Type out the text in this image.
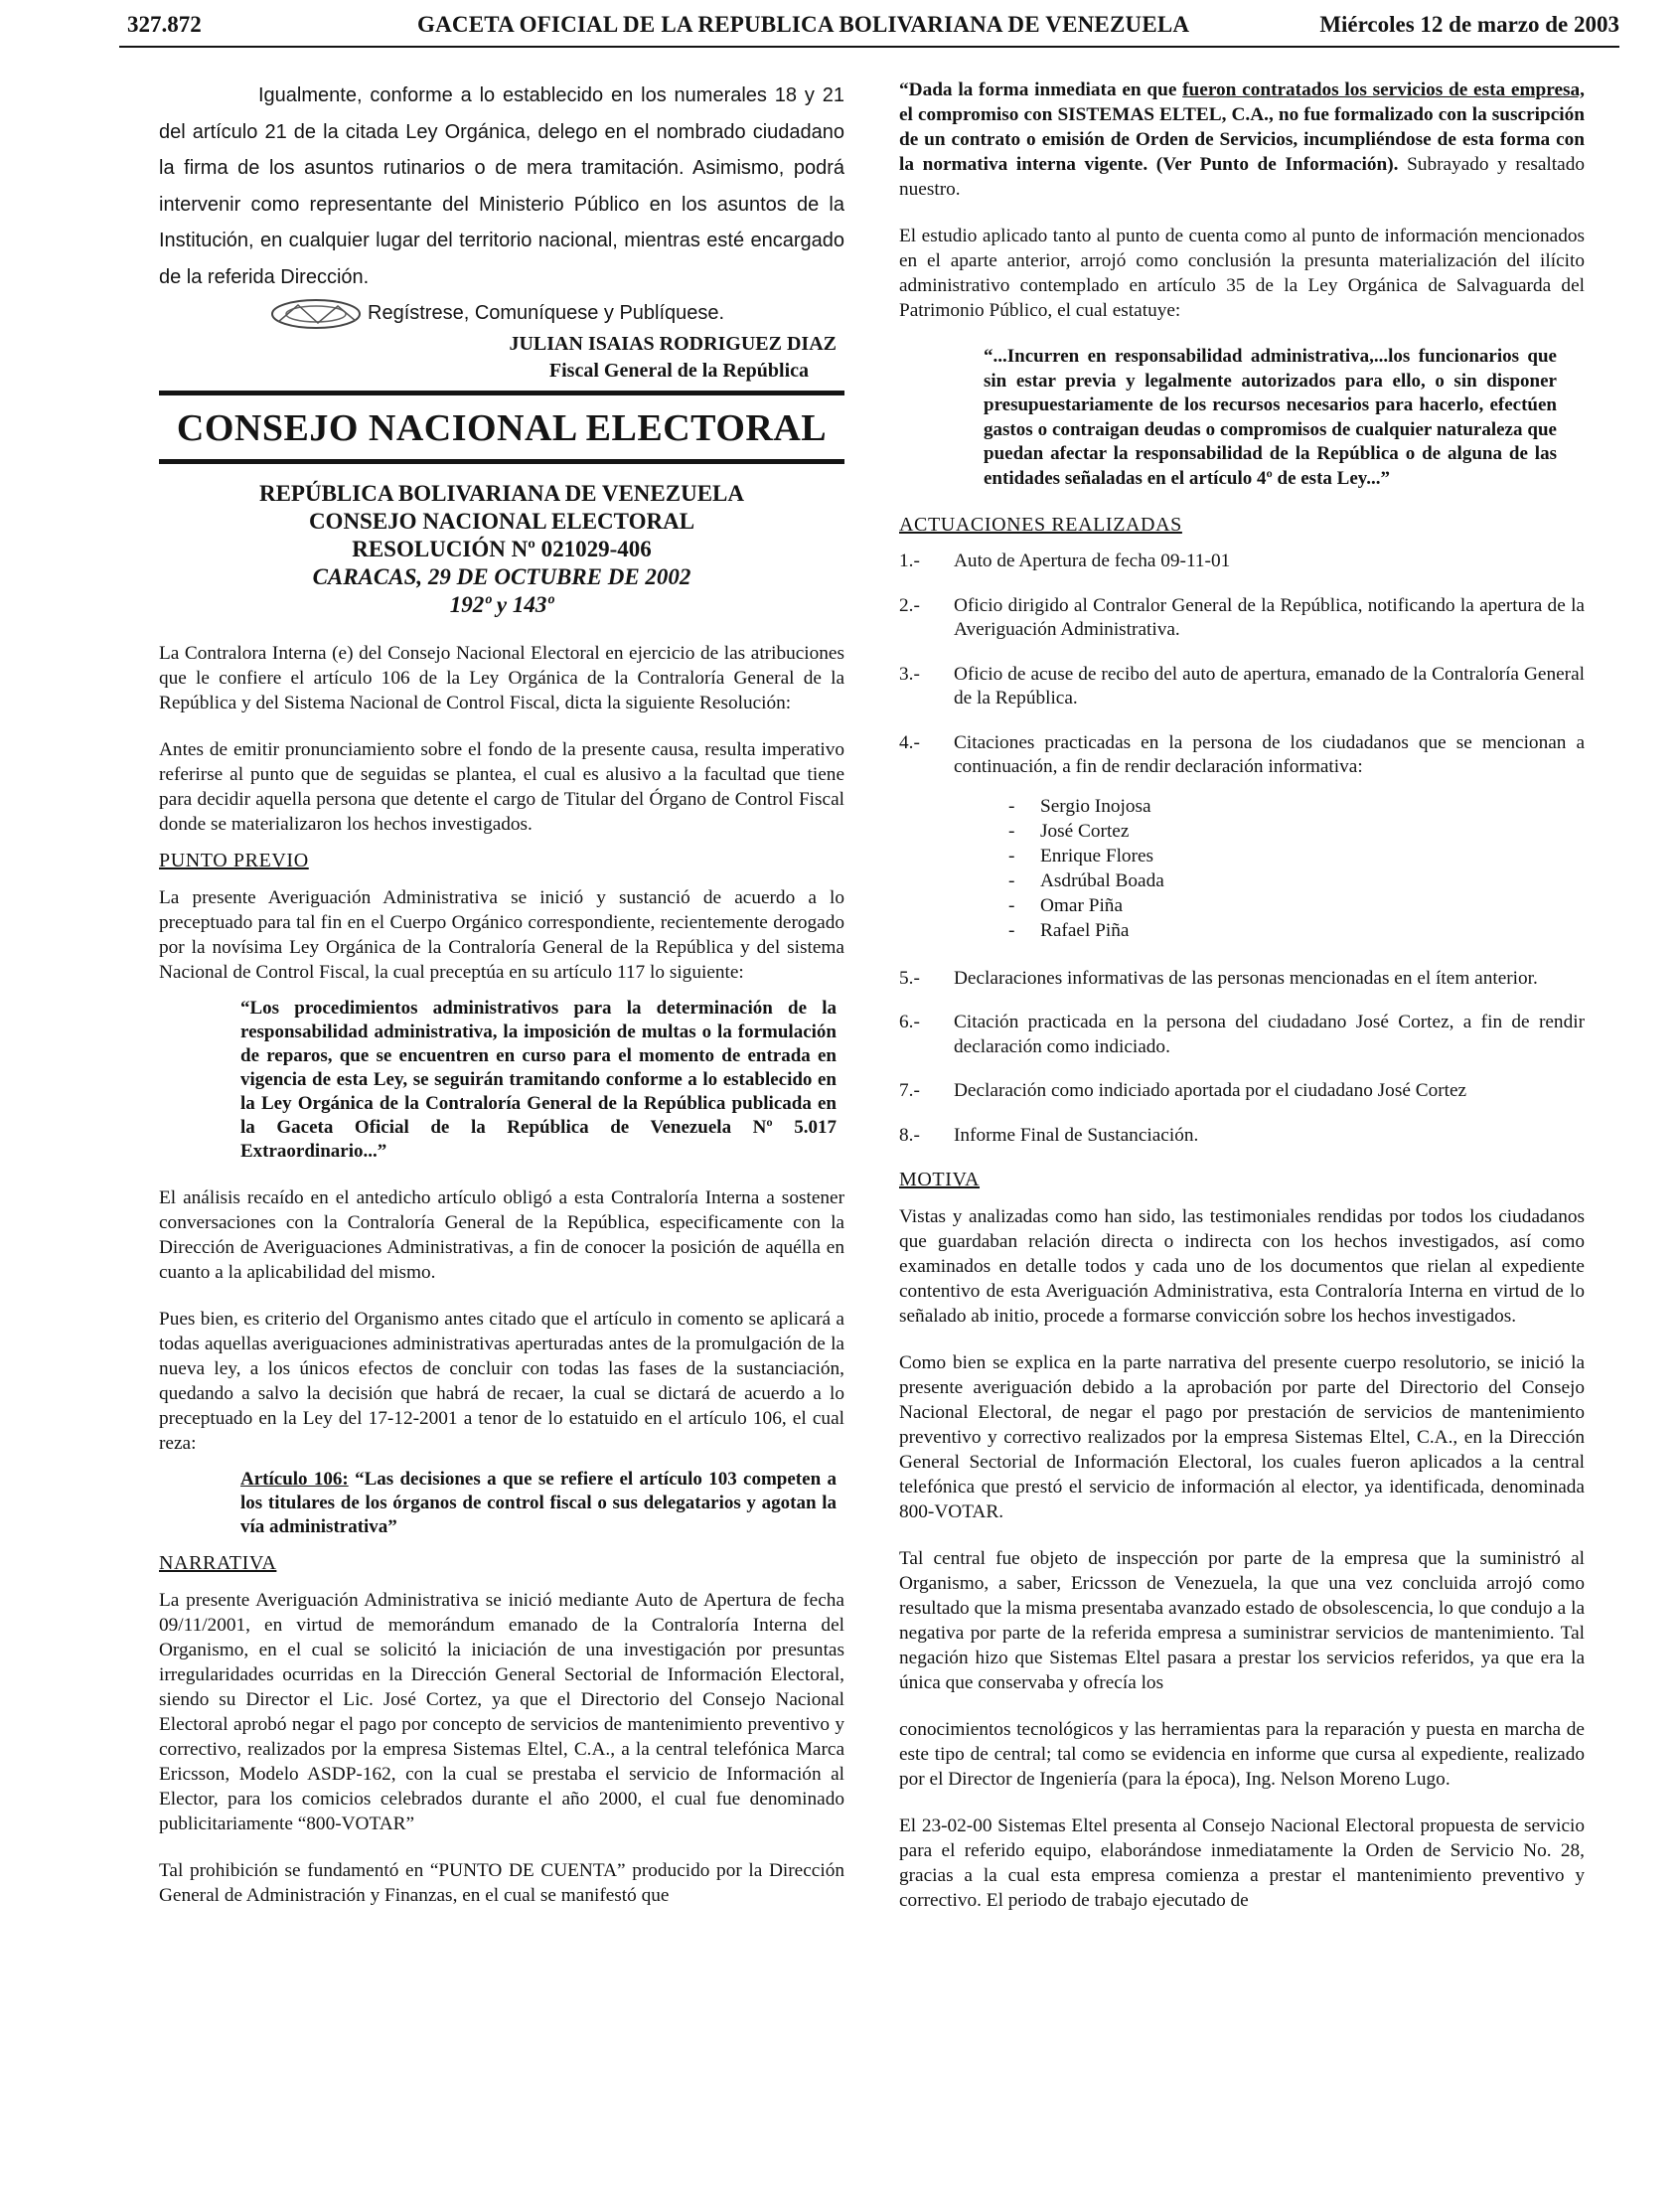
327.872	GACETA OFICIAL DE LA REPUBLICA BOLIVARIANA DE VENEZUELA	Miércoles 12 de marzo de 2003

Igualmente, conforme a lo establecido en los numerales 18 y 21 del artículo 21 de la citada Ley Orgánica, delego en el nombrado ciudadano la firma de los asuntos rutinarios o de mera tramitación. Asimismo, podrá intervenir como representante del Ministerio Público en los asuntos de la Institución, en cualquier lugar del territorio nacional, mientras esté encargado de la referida Dirección.

Regístrese, Comuníquese y Publíquese.
JULIAN ISAIAS RODRIGUEZ DIAZ
Fiscal General de la República
CONSEJO NACIONAL ELECTORAL
REPÚBLICA BOLIVARIANA DE VENEZUELA
CONSEJO NACIONAL ELECTORAL
RESOLUCIÓN Nº 021029-406
CARACAS, 29 DE OCTUBRE DE 2002
192º y 143º

La Contralora Interna (e) del Consejo Nacional Electoral en ejercicio de las atribuciones que le confiere el artículo 106 de la Ley Orgánica de la Contraloría General de la República y del Sistema Nacional de Control Fiscal, dicta la siguiente Resolución:

Antes de emitir pronunciamiento sobre el fondo de la presente causa, resulta imperativo referirse al punto que de seguidas se plantea, el cual es alusivo a la facultad que tiene para decidir aquella persona que detente el cargo de Titular del Órgano de Control Fiscal donde se materializaron los hechos investigados.

PUNTO PREVIO

La presente Averiguación Administrativa se inició y sustanció de acuerdo a lo preceptuado para tal fin en el Cuerpo Orgánico correspondiente, recientemente derogado por la novísima Ley Orgánica de la Contraloría General de la República y del sistema Nacional de Control Fiscal, la cual preceptúa en su artículo 117 lo siguiente:

“Los procedimientos administrativos para la determinación de la responsabilidad administrativa, la imposición de multas o la formulación de reparos, que se encuentren en curso para el momento de entrada en vigencia de esta Ley, se seguirán tramitando conforme a lo establecido en la Ley Orgánica de la Contraloría General de la República publicada en la Gaceta Oficial de la República de Venezuela Nº 5.017 Extraordinario...”

El análisis recaído en el antedicho artículo obligó a esta Contraloría Interna a sostener conversaciones con la Contraloría General de la República, especificamente con la Dirección de Averiguaciones Administrativas, a fin de conocer la posición de aquélla en cuanto a la aplicabilidad del mismo.

Pues bien, es criterio del Organismo antes citado que el artículo in comento se aplicará a todas aquellas averiguaciones administrativas aperturadas antes de la promulgación de la nueva ley, a los únicos efectos de concluir con todas las fases de la sustanciación, quedando a salvo la decisión que habrá de recaer, la cual se dictará de acuerdo a lo preceptuado en la Ley del 17-12-2001 a tenor de lo estatuido en el artículo 106, el cual reza:

Artículo 106: “Las decisiones a que se refiere el artículo 103 competen a los titulares de los órganos de control fiscal o sus delegatarios y agotan la vía administrativa”

NARRATIVA

La presente Averiguación Administrativa se inició mediante Auto de Apertura de fecha 09/11/2001, en virtud de memorándum emanado de la Contraloría Interna del Organismo, en el cual se solicitó la iniciación de una investigación por presuntas irregularidades ocurridas en la Dirección General Sectorial de Información Electoral, siendo su Director el Lic. José Cortez, ya que el Directorio del Consejo Nacional Electoral aprobó negar el pago por concepto de servicios de mantenimiento preventivo y correctivo, realizados por la empresa Sistemas Eltel, C.A., a la central telefónica Marca Ericsson, Modelo ASDP-162, con la cual se prestaba el servicio de Información al Elector, para los comicios celebrados durante el año 2000, el cual fue denominado publicitariamente “800-VOTAR”

Tal prohibición se fundamentó en “PUNTO DE CUENTA” producido por la Dirección General de Administración y Finanzas, en el cual se manifestó que

“Dada la forma inmediata en que fueron contratados los servicios de esta empresa, el compromiso con SISTEMAS ELTEL, C.A., no fue formalizado con la suscripción de un contrato o emisión de Orden de Servicios, incumpliéndose de esta forma con la normativa interna vigente. (Ver Punto de Información). Subrayado y resaltado nuestro.

El estudio aplicado tanto al punto de cuenta como al punto de información mencionados en el aparte anterior, arrojó como conclusión la presunta materialización del ilícito administrativo contemplado en artículo 35 de la Ley Orgánica de Salvaguarda del Patrimonio Público, el cual estatuye:

“...Incurren en responsabilidad administrativa,...los funcionarios que sin estar previa y legalmente autorizados para ello, o sin disponer presupuestariamente de los recursos necesarios para hacerlo, efectúen gastos o contraigan deudas o compromisos de cualquier naturaleza que puedan afectar la responsabilidad de la República o de alguna de las entidades señaladas en el artículo 4º de esta Ley...”

ACTUACIONES REALIZADAS

1.-	Auto de Apertura de fecha 09-11-01
2.-	Oficio dirigido al Contralor General de la República, notificando la apertura de la Averiguación Administrativa.
3.-	Oficio de acuse de recibo del auto de apertura, emanado de la Contraloría General de la República.
4.-	Citaciones practicadas en la persona de los ciudadanos que se mencionan a continuación, a fin de rendir declaración informativa:
- Sergio Inojosa
- José Cortez
- Enrique Flores
- Asdrúbal Boada
- Omar Piña
- Rafael Piña
5.-	Declaraciones informativas de las personas mencionadas en el ítem anterior.
6.-	Citación practicada en la persona del ciudadano José Cortez, a fin de rendir declaración como indiciado.
7.-	Declaración como indiciado aportada por el ciudadano José Cortez
8.-	Informe Final de Sustanciación.

MOTIVA

Vistas y analizadas como han sido, las testimoniales rendidas por todos los ciudadanos que guardaban relación directa o indirecta con los hechos investigados, así como examinados en detalle todos y cada uno de los documentos que rielan al expediente contentivo de esta Averiguación Administrativa, esta Contraloría Interna en virtud de lo señalado ab initio, procede a formarse convicción sobre los hechos investigados.

Como bien se explica en la parte narrativa del presente cuerpo resolutorio, se inició la presente averiguación debido a la aprobación por parte del Directorio del Consejo Nacional Electoral, de negar el pago por prestación de servicios de mantenimiento preventivo y correctivo realizados por la empresa Sistemas Eltel, C.A., en la Dirección General Sectorial de Información Electoral, los cuales fueron aplicados a la central telefónica que prestó el servicio de información al elector, ya identificada, denominada 800-VOTAR.

Tal central fue objeto de inspección por parte de la empresa que la suministró al Organismo, a saber, Ericsson de Venezuela, la que una vez concluida arrojó como resultado que la misma presentaba avanzado estado de obsolescencia, lo que condujo a la negativa por parte de la referida empresa a suministrar servicios de mantenimiento. Tal negación hizo que Sistemas Eltel pasara a prestar los servicios referidos, ya que era la única que conservaba y ofrecía los

conocimientos tecnológicos y las herramientas para la reparación y puesta en marcha de este tipo de central; tal como se evidencia en informe que cursa al expediente, realizado por el Director de Ingeniería (para la época), Ing. Nelson Moreno Lugo.

El 23-02-00 Sistemas Eltel presenta al Consejo Nacional Electoral propuesta de servicio para el referido equipo, elaborándose inmediatamente la Orden de Servicio No. 28, gracias a la cual esta empresa comienza a prestar el mantenimiento preventivo y correctivo. El periodo de trabajo ejecutado de
